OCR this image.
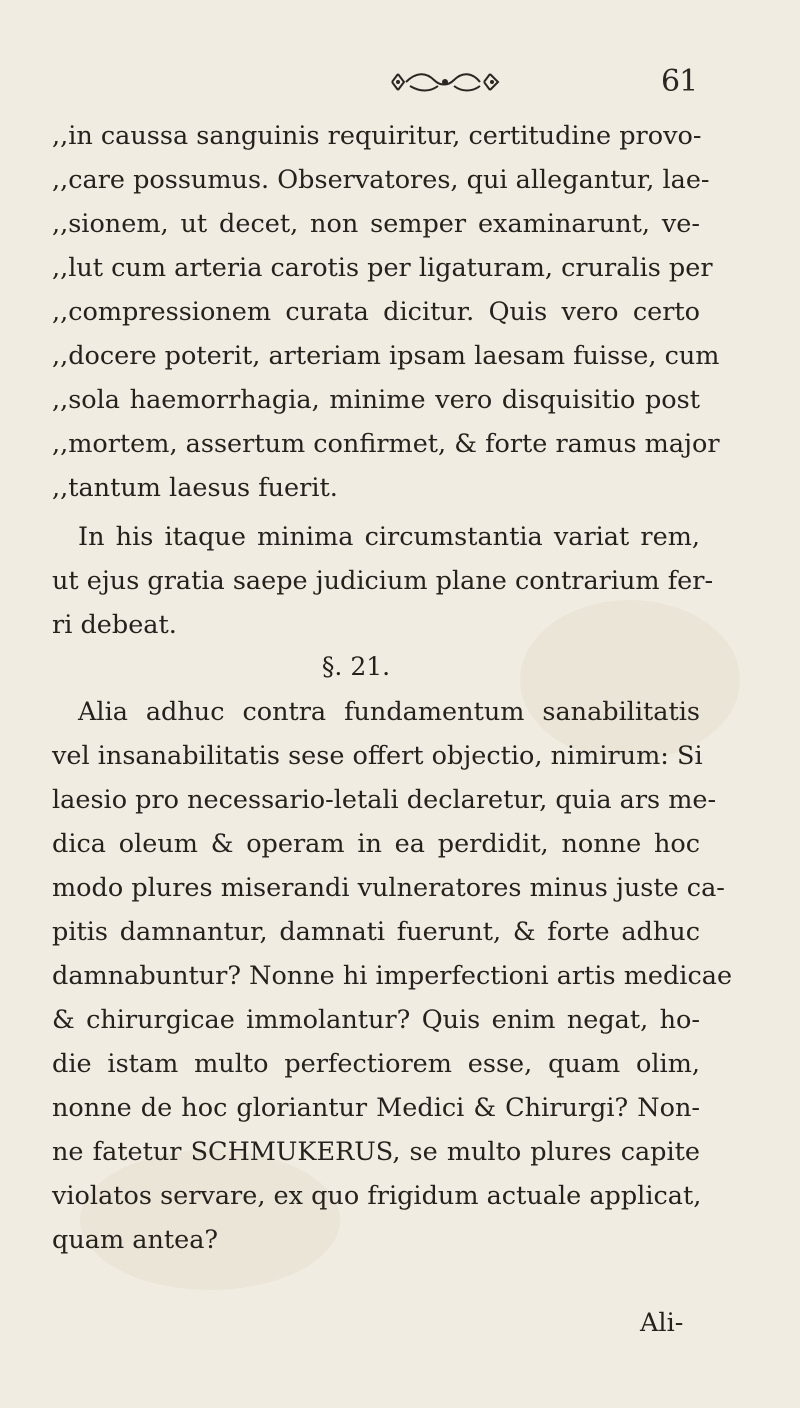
61
,,in caussa sanguinis requiritur, certitudine provo-
,,care possumus. Observatores, qui allegantur, lae-
,,sionem, ut decet, non semper examinarunt, ve-
,,lut cum arteria carotis per ligaturam, cruralis per
,,compressionem curata dicitur. Quis vero certo
,,docere poterit, arteriam ipsam laesam fuisse, cum
,,sola haemorrhagia, minime vero disquisitio post
,,mortem, assertum confirmet, & forte ramus major
,,tantum laesus fuerit.
In his itaque minima circumstantia variat rem,
ut ejus gratia saepe judicium plane contrarium fer-
ri debeat.
§. 21.
Alia adhuc contra fundamentum sanabilitatis
vel insanabilitatis sese offert objectio, nimirum: Si
laesio pro necessario-letali declaretur, quia ars me-
dica oleum & operam in ea perdidit, nonne hoc
modo plures miserandi vulneratores minus juste ca-
pitis damnantur, damnati fuerunt, & forte adhuc
damnabuntur? Nonne hi imperfectioni artis medicae
& chirurgicae immolantur? Quis enim negat, ho-
die istam multo perfectiorem esse, quam olim,
nonne de hoc gloriantur Medici & Chirurgi? Non-
ne fatetur SCHMUKERUS, se multo plures capite
violatos servare, ex quo frigidum actuale applicat,
quam antea?
Ali-
